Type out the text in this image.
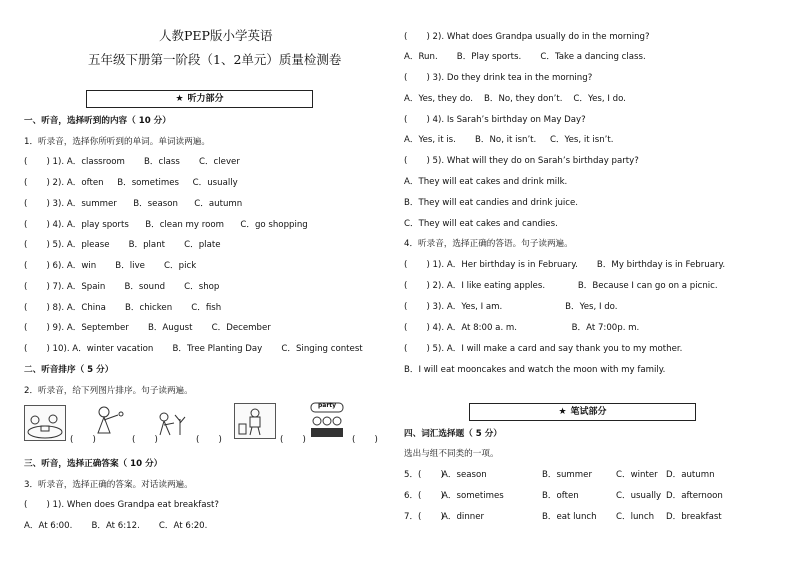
人教PEP版小学英语
五年级下册第一阶段（1、2单元）质量检测卷
★ 听力部分
一、听音，选择听到的内容（ 10 分）
1．听录音，选择你所听到的单词。单词读两遍。
(       ) 1). A．classroom       B．class       C．clever
(       ) 2). A．often     B．sometimes     C．usually
(       ) 3). A．summer      B．season      C．autumn
(       ) 4). A．play sports      B．clean my room      C．go shopping
(       ) 5). A．please       B．plant       C．plate
(       ) 6). A．win       B．live       C．pick
(       ) 7). A．Spain       B．sound       C．shop
(       ) 8). A．China       B．chicken       C．fish
(       ) 9). A．September       B．August       C．December
(       ) 10). A．winter vacation       B．Tree Planting Day       C．Singing contest
二、听音排序（ 5 分）
2．听录音，给下列图片排序。句子读两遍。
(       )	(       )	(       )	(       )
party
(       )
三、听音，选择正确答案（ 10 分）
3．听录音，选择正确的答案。对话读两遍。
(       ) 1). When does Grandpa eat breakfast?
A．At 6:00.       B．At 6:12.       C．At 6:20.
(       ) 2). What does Grandpa usually do in the morning?
A．Run.       B．Play sports.       C．Take a dancing class.
(       ) 3). Do they drink tea in the morning?
A．Yes, they do.    B．No, they don’t.    C．Yes, I do.
(       ) 4). Is Sarah’s birthday on May Day?
A．Yes, it is.       B．No, it isn’t.     C．Yes, it isn’t.
(       ) 5). What will they do on Sarah’s birthday party?
A．They will eat cakes and drink milk.
B．They will eat candies and drink juice.
C．They will eat cakes and candies.
4．听录音，选择正确的答语。句子读两遍。
(       ) 1). A．Her birthday is in February.       B．My birthday is in February.
(       ) 2). A．I like eating apples.            B．Because I can go on a picnic.
(       ) 3). A．Yes, I am.                       B．Yes, I do.
(       ) 4). A．At 8:00 a. m.                    B．At 7:00p. m.
(       ) 5). A．I will make a card and say thank you to my mother.
B．I will eat mooncakes and watch the moon with my family.
★ 笔试部分
四、词汇选择题（ 5 分）
选出与组不同类的一项。
5．(       )
A．season	B．summer	C．winter D．autumn
6．(       )
A．sometimes	B．often	C．usually D．afternoon
7．(       )
A．dinner	B．eat lunch C．lunch D．breakfast
